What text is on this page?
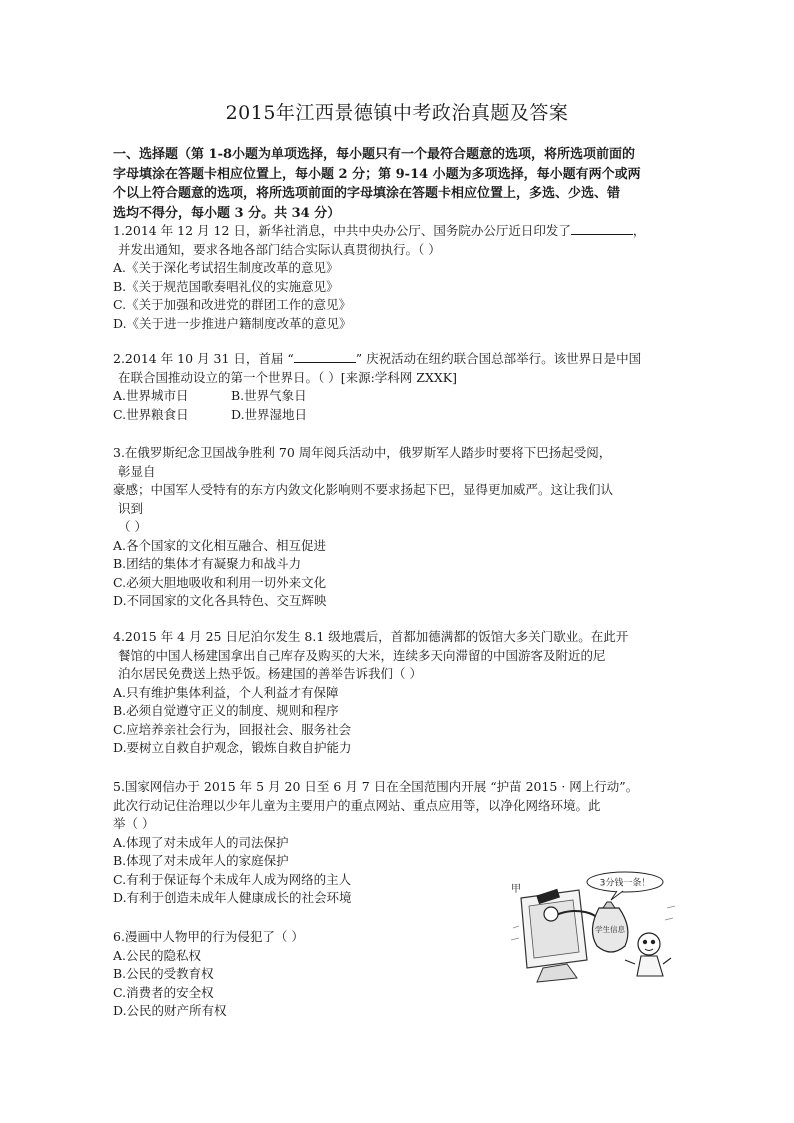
2015年江西景德镇中考政治真题及答案
一、选择题（第 1-8小题为单项选择，每小题只有一个最符合题意的选项，将所选项前面的
字母填涂在答题卡相应位置上，每小题 2 分；第 9-14 小题为多项选择，每小题有两个或两
个以上符合题意的选项，将所选项前面的字母填涂在答题卡相应位置上，多选、少选、错
选均不得分，每小题 3 分。共 34 分）
1.2014 年 12 月 12 日，新华社消息，中共中央办公厅、国务院办公厅近日印发了	，
并发出通知，要求各地各部门结合实际认真贯彻执行。（ ）
A.《关于深化考试招生制度改革的意见》
B.《关于规范国歌奏唱礼仪的实施意见》
C.《关于加强和改进党的群团工作的意见》
D.《关于进一步推进户籍制度改革的意见》
2.2014 年 10 月 31 日，首届 “	” 庆祝活动在纽约联合国总部举行。该世界日是中国
在联合国推动设立的第一个世界日。（ ）[来源:学科网 ZXXK]
A.世界城市日	B.世界气象日
C.世界粮食日	D.世界湿地日
3.在俄罗斯纪念卫国战争胜利 70 周年阅兵活动中，俄罗斯军人踏步时要将下巴扬起受阅，
彰显自
豪感；中国军人受特有的东方内敛文化影响则不要求扬起下巴，显得更加威严。这让我们认
识到
（ ）
A.各个国家的文化相互融合、相互促进
B.团结的集体才有凝聚力和战斗力
C.必须大胆地吸收和利用一切外来文化
D.不同国家的文化各具特色、交互辉映
4.2015 年 4 月 25 日尼泊尔发生 8.1 级地震后，首都加德满都的饭馆大多关门歇业。在此开
餐馆的中国人杨建国拿出自己库存及购买的大米，连续多天向滞留的中国游客及附近的尼
泊尔居民免费送上热乎饭。杨建国的善举告诉我们（ ）
A.只有维护集体利益，个人利益才有保障
B.必须自觉遵守正义的制度、规则和程序
C.应培养亲社会行为，回报社会、服务社会
D.要树立自救自护观念，锻炼自救自护能力
5.国家网信办于 2015 年 5 月 20 日至 6 月 7 日在全国范围内开展 “护苗 2015 · 网上行动”。
此次行动记住治理以少年儿童为主要用户的重点网站、重点应用等，以净化网络环境。此
举（ ）
A.体现了对未成年人的司法保护
B.体现了对未成年人的家庭保护
C.有利于保证每个未成年人成为网络的主人
D.有利于创造未成年人健康成长的社会环境
6.漫画中人物甲的行为侵犯了（ ）
A.公民的隐私权
B.公民的受教育权
C.消费者的安全权
D.公民的财产所有权
甲
3分钱一条！
学生信息
